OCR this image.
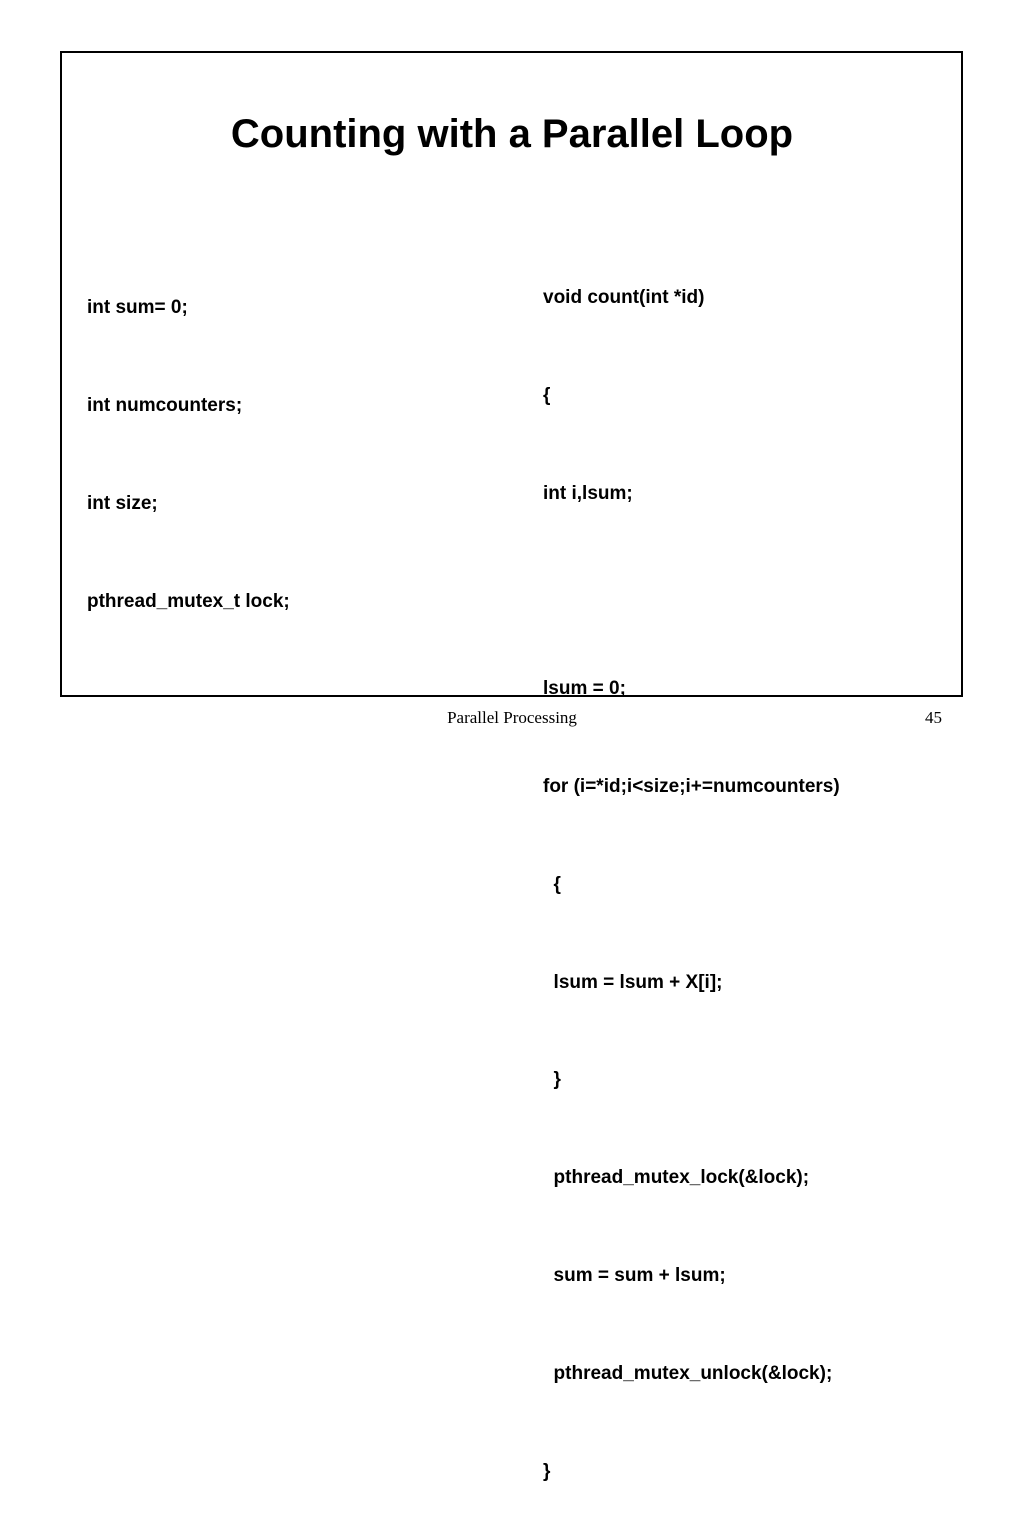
Counting with a Parallel Loop

int sum= 0;

int numcounters;

int size;

pthread_mutex_t lock;

void count(int *id)

{

int i,lsum;

lsum = 0;

for (i=*id;i<size;i+=numcounters)

{

lsum = lsum + X[i];

}

pthread_mutex_lock(&lock);

sum = sum + lsum;

pthread_mutex_unlock(&lock);

}

Parallel Processing	45
